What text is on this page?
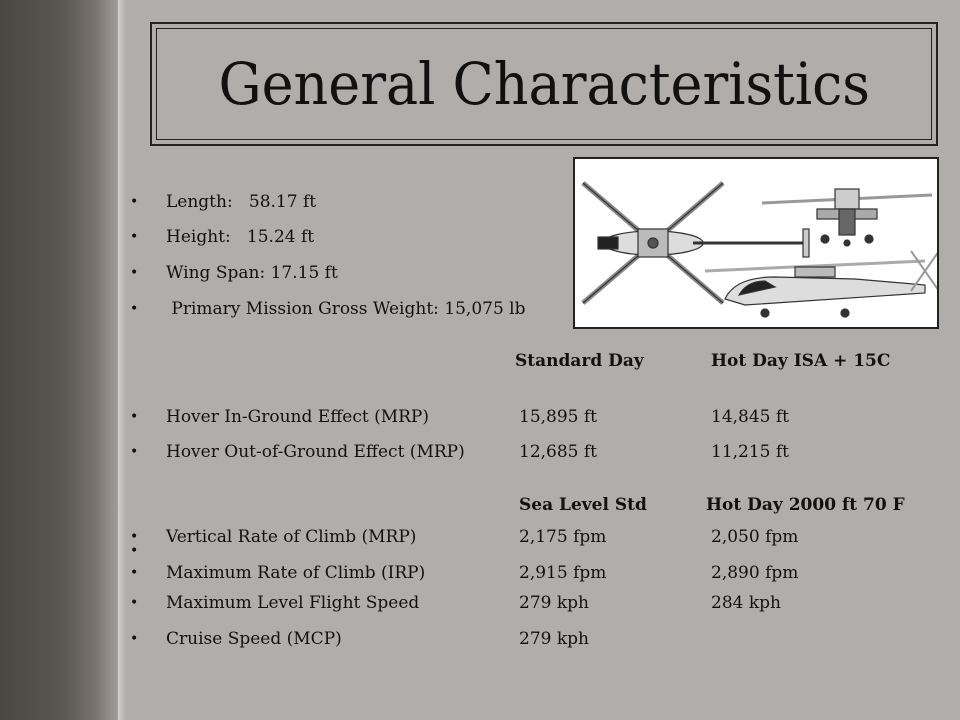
General Characteristics
•	Length:   58.17 ft
•	Height:   15.24 ft
•	Wing Span: 17.15 ft
•	Primary Mission Gross Weight: 15,075 lb
Standard Day	Hot Day ISA + 15C
•	Hover In-Ground Effect (MRP)	15,895 ft	14,845 ft
•	Hover Out-of-Ground Effect (MRP)	12,685 ft	11,215 ft
Sea Level Std	Hot Day 2000 ft 70 F
•	Vertical Rate of Climb (MRP)	2,175 fpm	2,050 fpm
•
•	Maximum Rate of Climb (IRP)	2,915 fpm	2,890 fpm
•	Maximum Level Flight Speed	279 kph	284 kph
•	Cruise Speed (MCP)	279 kph
